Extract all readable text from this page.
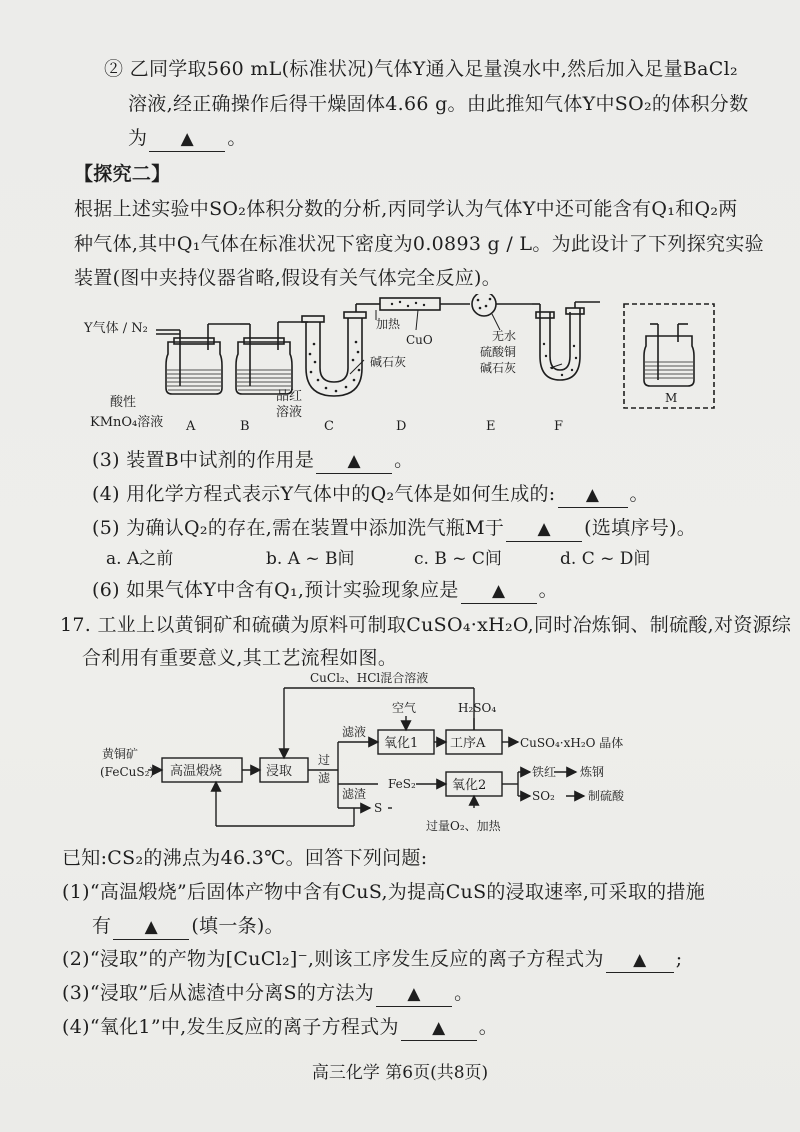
② 乙同学取560 mL(标准状况)气体Y通入足量溴水中,然后加入足量BaCl₂
溶液,经正确操作后得干燥固体4.66 g。由此推知气体Y中SO₂的体积分数
为 ▲ 。
【探究二】
根据上述实验中SO₂体积分数的分析,丙同学认为气体Y中还可能含有Q₁和Q₂两
种气体,其中Q₁气体在标准状况下密度为0.0893 g / L。为此设计了下列探究实验
装置(图中夹持仪器省略,假设有关气体完全反应)。
Y气体 / N₂
酸性
KMnO₄溶液 A
品红
溶液
B
加热
CuO
碱石灰
C	D
无水
硫酸铜
碱石灰
E	F
M
(3) 装置B中试剂的作用是 ▲ 。
(4) 用化学方程式表示Y气体中的Q₂气体是如何生成的: ▲ 。
(5) 为确认Q₂的存在,需在装置中添加洗气瓶M于 ▲ (选填序号)。
a. A之前	b. A ~ B间	c. B ~ C间	d. C ~ D间
(6) 如果气体Y中含有Q₁,预计实验现象应是 ▲ 。
17. 工业上以黄铜矿和硫磺为原料可制取CuSO₄·xH₂O,同时冶炼铜、制硫酸,对资源综
合利用有重要意义,其工艺流程如图。
CuCl₂、HCl混合溶液
空气	H₂SO₄
滤液
氧化1 工序A	CuSO₄·xH₂O 晶体
黄铜矿
(FeCuS₂) 高温煅烧	浸取
过
滤
滤渣
FeS₂	氧化2
S
铁红 炼钢
SO₂	制硫酸
过量O₂、加热
已知:CS₂的沸点为46.3℃。回答下列问题:
(1)“高温煅烧”后固体产物中含有CuS,为提高CuS的浸取速率,可采取的措施
有 ▲ (填一条)。
(2)“浸取”的产物为[CuCl₂]⁻,则该工序发生反应的离子方程式为 ▲ ;
(3)“浸取”后从滤渣中分离S的方法为 ▲ 。
(4)“氧化1”中,发生反应的离子方程式为 ▲ 。
高三化学 第6页(共8页)
